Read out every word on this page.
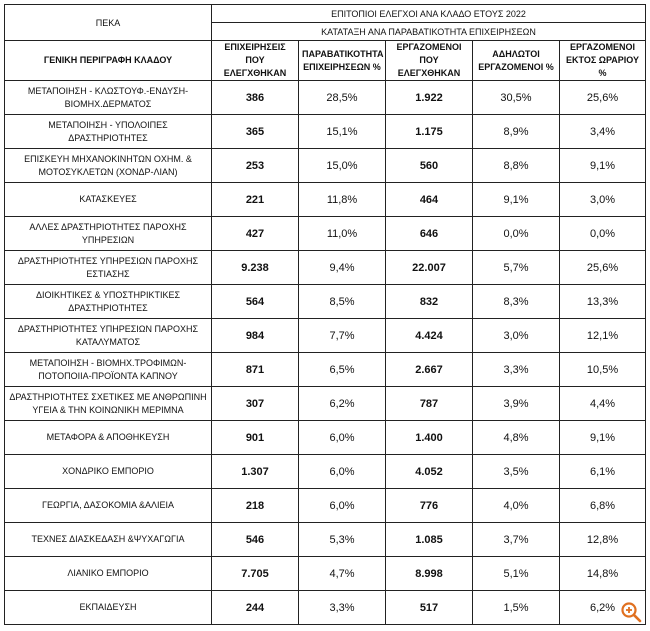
ΠΕΚΑ	ΕΠΙΤΟΠΙΟΙ ΕΛΕΓΧΟΙ ΑΝΑ ΚΛΑΔΟ ΕΤΟΥΣ 2022				
	ΚΑΤΑΤΑΞΗ ΑΝΑ ΠΑΡΑΒΑΤΙΚΟΤΗΤΑ ΕΠΙΧΕΙΡΗΣΕΩΝ				
ΓΕΝΙΚΗ ΠΕΡΙΓΡΑΦΗ ΚΛΑΔΟΥ	ΕΠΙΧΕΙΡΗΣΕΙΣ ΠΟΥ ΕΛΕΓΧΘΗΚΑΝ	ΠΑΡΑΒΑΤΙΚΟΤΗΤΑ ΕΠΙΧΕΙΡΗΣΕΩΝ %	ΕΡΓΑΖΟΜΕΝΟΙ ΠΟΥ ΕΛΕΓΧΘΗΚΑΝ	ΑΔΗΛΩΤΟΙ ΕΡΓΑΖΟΜΕΝΟΙ %	ΕΡΓΑΖΟΜΕΝΟΙ ΕΚΤΟΣ ΩΡΑΡΙΟΥ %
ΜΕΤΑΠΟΙΗΣΗ - ΚΛΩΣΤΟΥΦ.-ΕΝΔΥΣΗ-ΒΙΟΜΗΧ.ΔΕΡΜΑΤΟΣ	386	28,5%	1.922	30,5%	25,6%
ΜΕΤΑΠΟΙΗΣΗ - ΥΠΟΛΟΙΠΕΣ ΔΡΑΣΤΗΡΙΟΤΗΤΕΣ	365	15,1%	1.175	8,9%	3,4%
ΕΠΙΣΚΕΥΗ ΜΗΧΑΝΟΚΙΝΗΤΩΝ ΟΧΗΜ. & ΜΟΤΟΣΥΚΛΕΤΩΝ (ΧΟΝΔΡ-ΛΙΑΝ)	253	15,0%	560	8,8%	9,1%
ΚΑΤΑΣΚΕΥΕΣ	221	11,8%	464	9,1%	3,0%
ΑΛΛΕΣ ΔΡΑΣΤΗΡΙΟΤΗΤΕΣ ΠΑΡΟΧΗΣ ΥΠΗΡΕΣΙΩΝ	427	11,0%	646	0,0%	0,0%
ΔΡΑΣΤΗΡΙΟΤΗΤΕΣ ΥΠΗΡΕΣΙΩΝ ΠΑΡΟΧΗΣ ΕΣΤΙΑΣΗΣ	9.238	9,4%	22.007	5,7%	25,6%
ΔΙΟΙΚΗΤΙΚΕΣ & ΥΠΟΣΤΗΡΙΚΤΙΚΕΣ ΔΡΑΣΤΗΡΙΟΤΗΤΕΣ	564	8,5%	832	8,3%	13,3%
ΔΡΑΣΤΗΡΙΟΤΗΤΕΣ ΥΠΗΡΕΣΙΩΝ ΠΑΡΟΧΗΣ ΚΑΤΑΛΥΜΑΤΟΣ	984	7,7%	4.424	3,0%	12,1%
ΜΕΤΑΠΟΙΗΣΗ - ΒΙΟΜΗΧ.ΤΡΟΦΙΜΩΝ-ΠΟΤΟΠΟΙΙΑ-ΠΡΟΪΟΝΤΑ ΚΑΠΝΟΥ	871	6,5%	2.667	3,3%	10,5%
ΔΡΑΣΤΗΡΙΟΤΗΤΕΣ ΣΧΕΤΙΚΕΣ ΜΕ ΑΝΘΡΩΠΙΝΗ ΥΓΕΙΑ & ΤΗΝ ΚΟΙΝΩΝΙΚΗ ΜΕΡΙΜΝΑ	307	6,2%	787	3,9%	4,4%
ΜΕΤΑΦΟΡΑ & ΑΠΟΘΗΚΕΥΣΗ	901	6,0%	1.400	4,8%	9,1%
ΧΟΝΔΡΙΚΟ ΕΜΠΟΡΙΟ	1.307	6,0%	4.052	3,5%	6,1%
ΓΕΩΡΓΙΑ, ΔΑΣΟΚΟΜΙΑ &ΑΛΙΕΙΑ	218	6,0%	776	4,0%	6,8%
ΤΕΧΝΕΣ ΔΙΑΣΚΕΔΑΣΗ &ΨΥΧΑΓΩΓΙΑ	546	5,3%	1.085	3,7%	12,8%
ΛΙΑΝΙΚΟ ΕΜΠΟΡΙΟ	7.705	4,7%	8.998	5,1%	14,8%
ΕΚΠΑΙΔΕΥΣΗ	244	3,3%	517	1,5%	6,2%
